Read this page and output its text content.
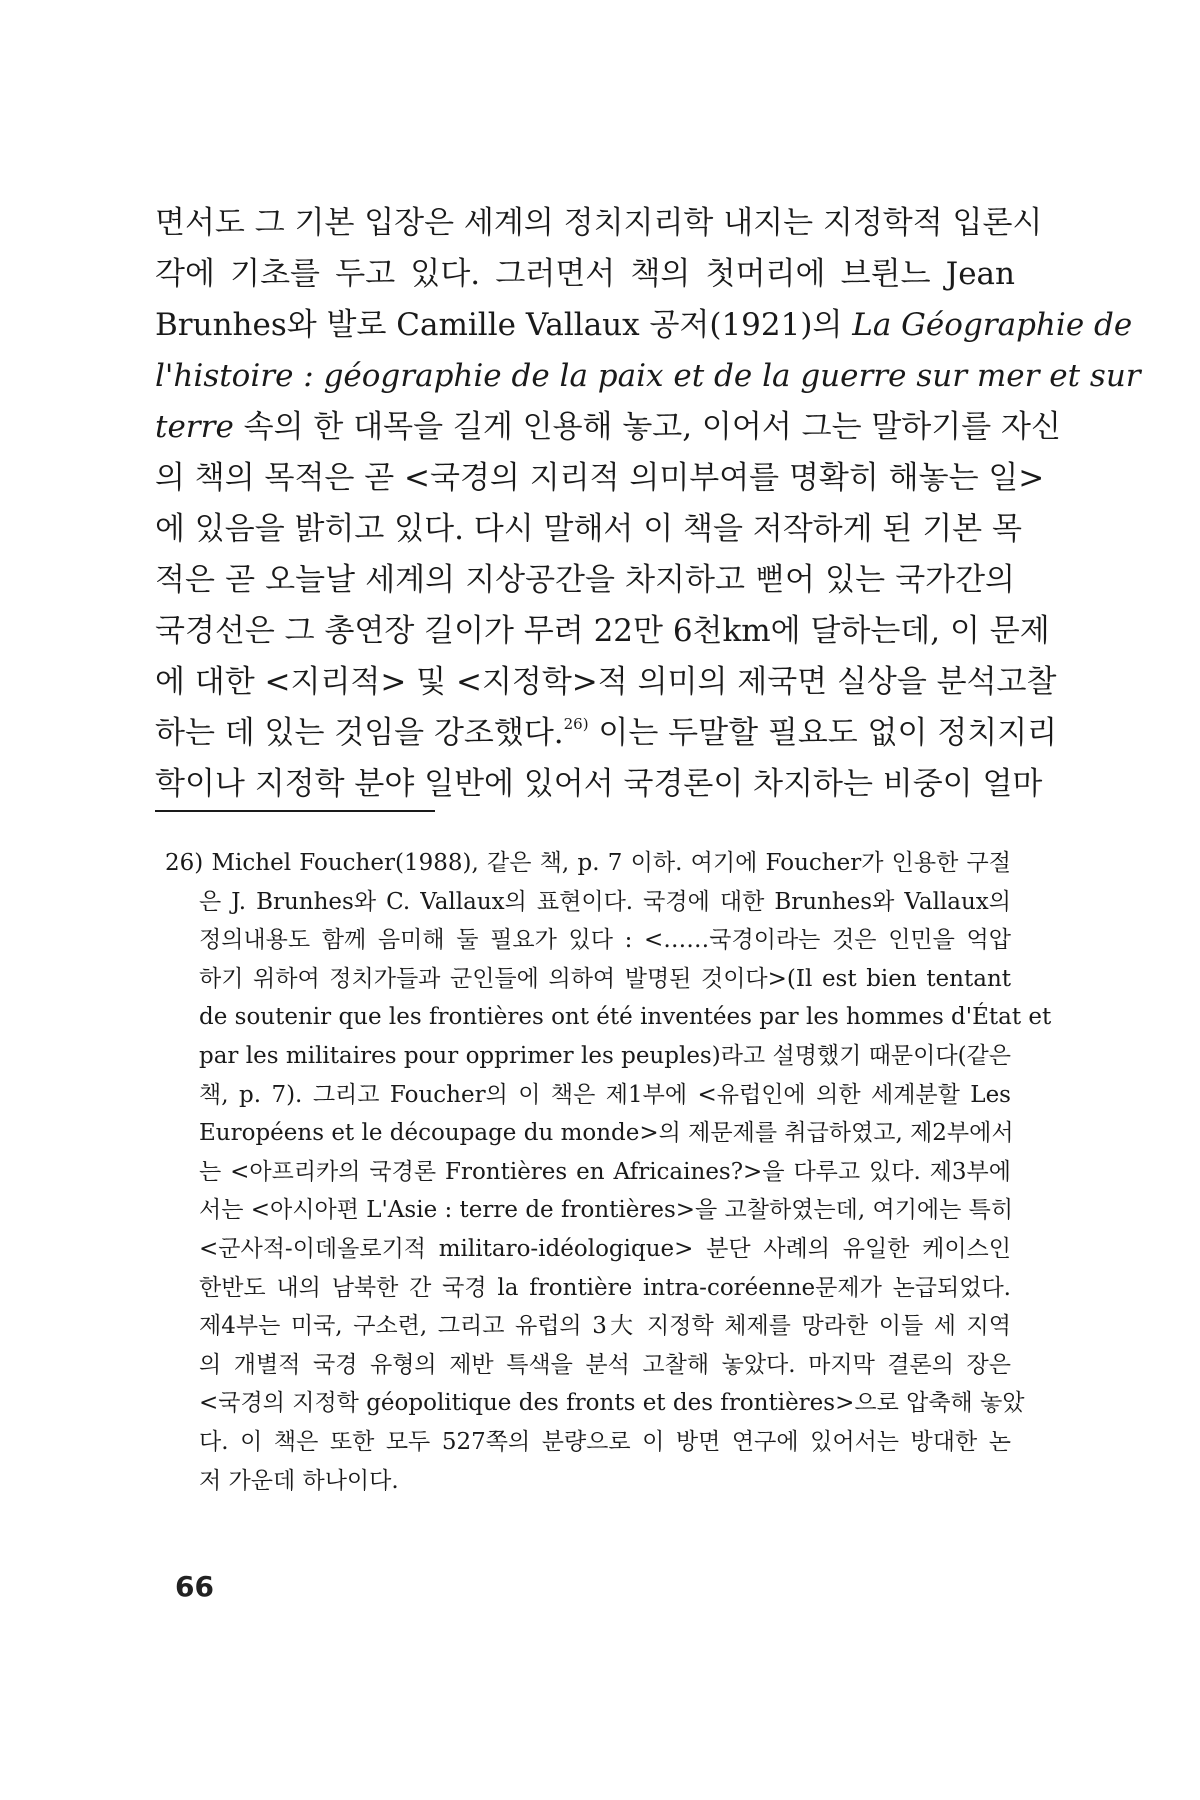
면서도 그 기본 입장은 세계의 정치지리학 내지는 지정학적 입론시
각에 기초를 두고 있다. 그러면서 책의 첫머리에 브륀느 Jean
Brunhes와 발로 Camille Vallaux 공저(1921)의 La Géographie de
l'histoire : géographie de la paix et de la guerre sur mer et sur
terre 속의 한 대목을 길게 인용해 놓고, 이어서 그는 말하기를 자신
의 책의 목적은 곧 <국경의 지리적 의미부여를 명확히 해놓는 일>
에 있음을 밝히고 있다. 다시 말해서 이 책을 저작하게 된 기본 목
적은 곧 오늘날 세계의 지상공간을 차지하고 뻗어 있는 국가간의
국경선은 그 총연장 길이가 무려 22만 6천km에 달하는데, 이 문제
에 대한 <지리적> 및 <지정학>적 의미의 제국면 실상을 분석고찰
하는 데 있는 것임을 강조했다.$^{26)}$ 이는 두말할 필요도 없이 정치지리
학이나 지정학 분야 일반에 있어서 국경론이 차지하는 비중이 얼마
26) Michel Foucher(1988), 같은 책, p. 7 이하. 여기에 Foucher가 인용한 구절
은 J. Brunhes와 C. Vallaux의 표현이다. 국경에 대한 Brunhes와 Vallaux의
정의내용도 함께 음미해 둘 필요가 있다 : <……국경이라는 것은 인민을 억압
하기 위하여 정치가들과 군인들에 의하여 발명된 것이다>(Il est bien tentant
de soutenir que les frontières ont été inventées par les hommes d'État et
par les militaires pour opprimer les peuples)라고 설명했기 때문이다(같은
책, p. 7). 그리고 Foucher의 이 책은 제1부에 <유럽인에 의한 세계분할 Les
Européens et le découpage du monde>의 제문제를 취급하였고, 제2부에서
는 <아프리카의 국경론 Frontières en Africaines?>을 다루고 있다. 제3부에
서는 <아시아편 L'Asie : terre de frontières>을 고찰하였는데, 여기에는 특히
<군사적-이데올로기적 militaro-idéologique> 분단 사례의 유일한 케이스인
한반도 내의 남북한 간 국경 la frontière intra-coréenne문제가 논급되었다.
제4부는 미국, 구소련, 그리고 유럽의 3大 지정학 체제를 망라한 이들 세 지역
의 개별적 국경 유형의 제반 특색을 분석 고찰해 놓았다. 마지막 결론의 장은
<국경의 지정학 géopolitique des fronts et des frontières>으로 압축해 놓았
다. 이 책은 또한 모두 527쪽의 분량으로 이 방면 연구에 있어서는 방대한 논
저 가운데 하나이다.
66
